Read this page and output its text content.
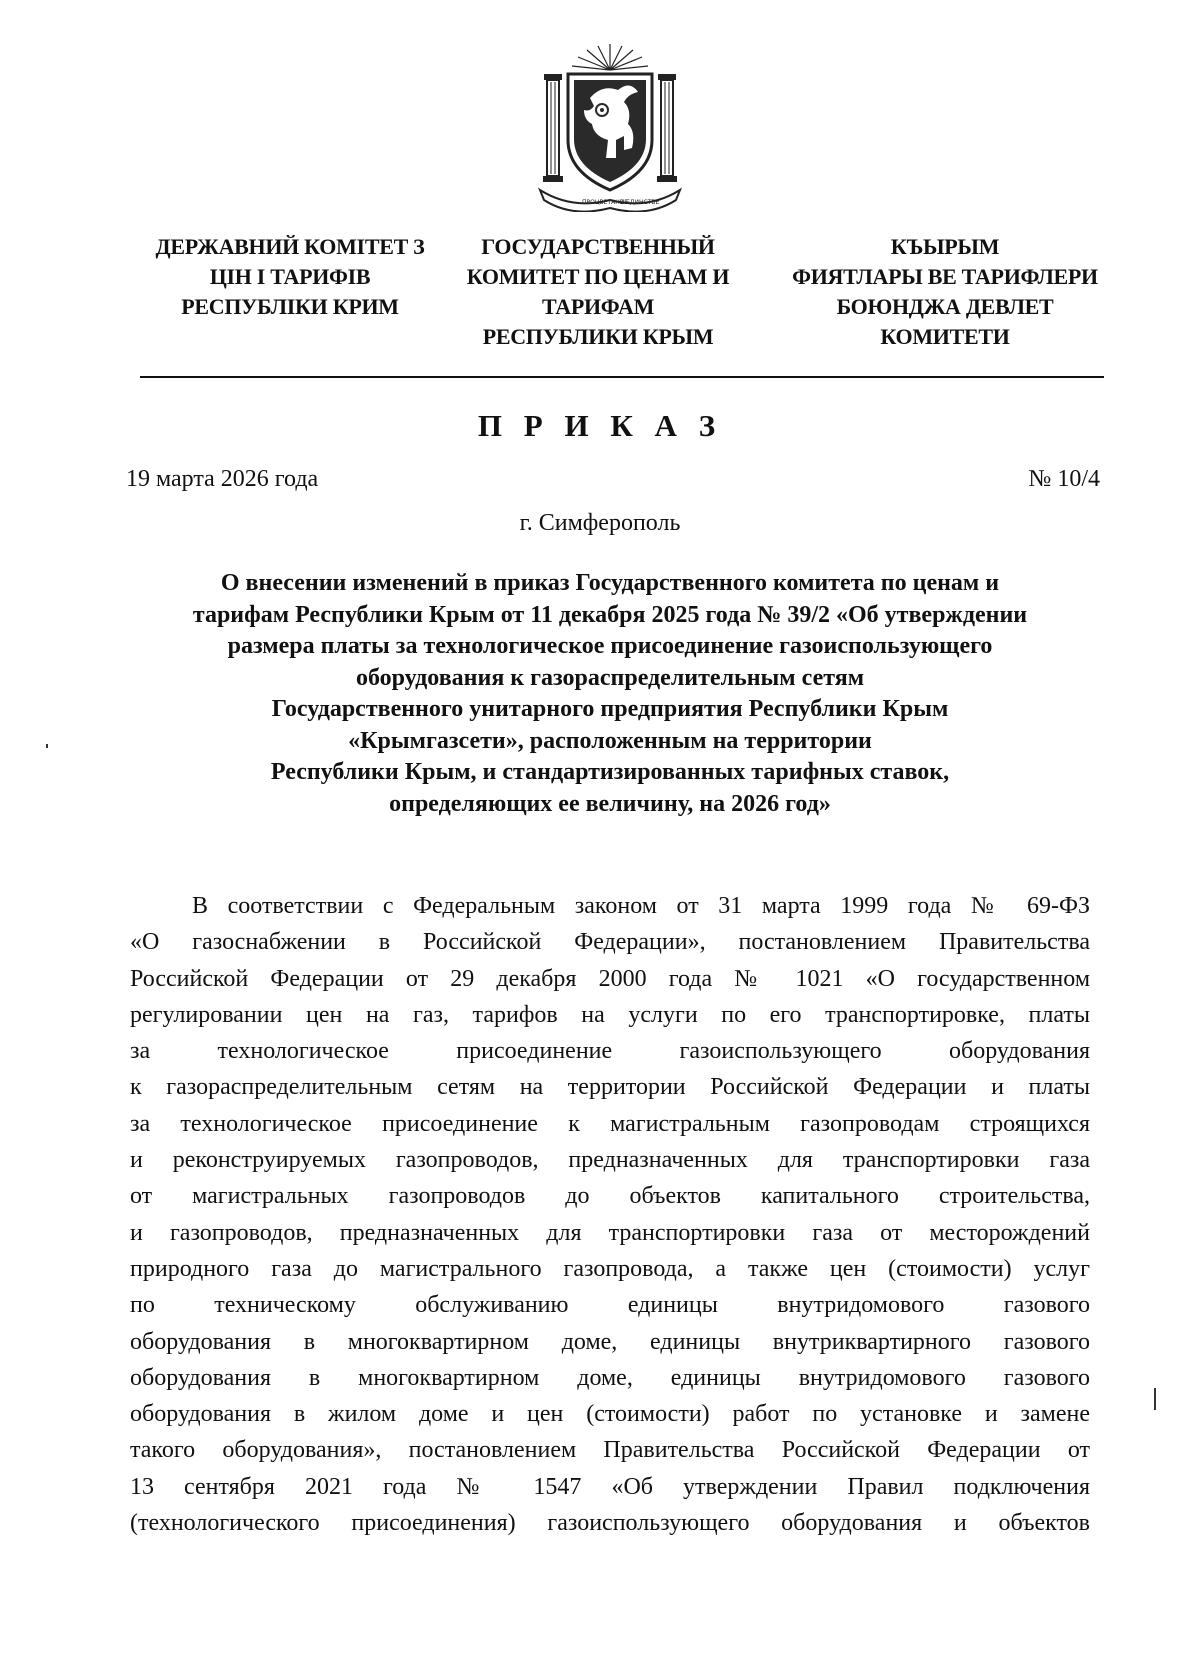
ПРОЦВЕТАНИЕ
В ЕДИНСТВЕ
ДЕРЖАВНИЙ КОМІТЕТ З
ЦІН І ТАРИФІВ
РЕСПУБЛІКИ КРИМ
ГОСУДАРСТВЕННЫЙ
КОМИТЕТ ПО ЦЕНАМ И
ТАРИФАМ
РЕСПУБЛИКИ КРЫМ
КЪЫРЫМ
ФИЯТЛАРЫ ВЕ ТАРИФЛЕРИ
БОЮНДЖА ДЕВЛЕТ
КОМИТЕТИ
П Р И К А З
19 марта 2026 года	№ 10/4
г. Симферополь
О внесении изменений в приказ Государственного комитета по ценам и
тарифам Республики Крым от 11 декабря 2025 года № 39/2 «Об утверждении
размера платы за технологическое присоединение газоиспользующего
оборудования к газораспределительным сетям
Государственного унитарного предприятия Республики Крым
«Крымгазсети», расположенным на территории
Республики Крым, и стандартизированных тарифных ставок,
определяющих ее величину, на 2026 год»
В соответствии с Федеральным законом от 31 марта 1999 года № 69-ФЗ
«О газоснабжении в Российской Федерации», постановлением Правительства
Российской Федерации от 29 декабря 2000 года № 1021 «О государственном
регулировании цен на газ, тарифов на услуги по его транспортировке, платы
за технологическое присоединение газоиспользующего оборудования
к газораспределительным сетям на территории Российской Федерации и платы
за технологическое присоединение к магистральным газопроводам строящихся
и реконструируемых газопроводов, предназначенных для транспортировки газа
от магистральных газопроводов до объектов капитального строительства,
и газопроводов, предназначенных для транспортировки газа от месторождений
природного газа до магистрального газопровода, а также цен (стоимости) услуг
по техническому обслуживанию единицы внутридомового газового
оборудования в многоквартирном доме, единицы внутриквартирного газового
оборудования в многоквартирном доме, единицы внутридомового газового
оборудования в жилом доме и цен (стоимости) работ по установке и замене
такого оборудования», постановлением Правительства Российской Федерации от
13 сентября 2021 года № 1547 «Об утверждении Правил подключения
(технологического присоединения) газоиспользующего оборудования и объектов
